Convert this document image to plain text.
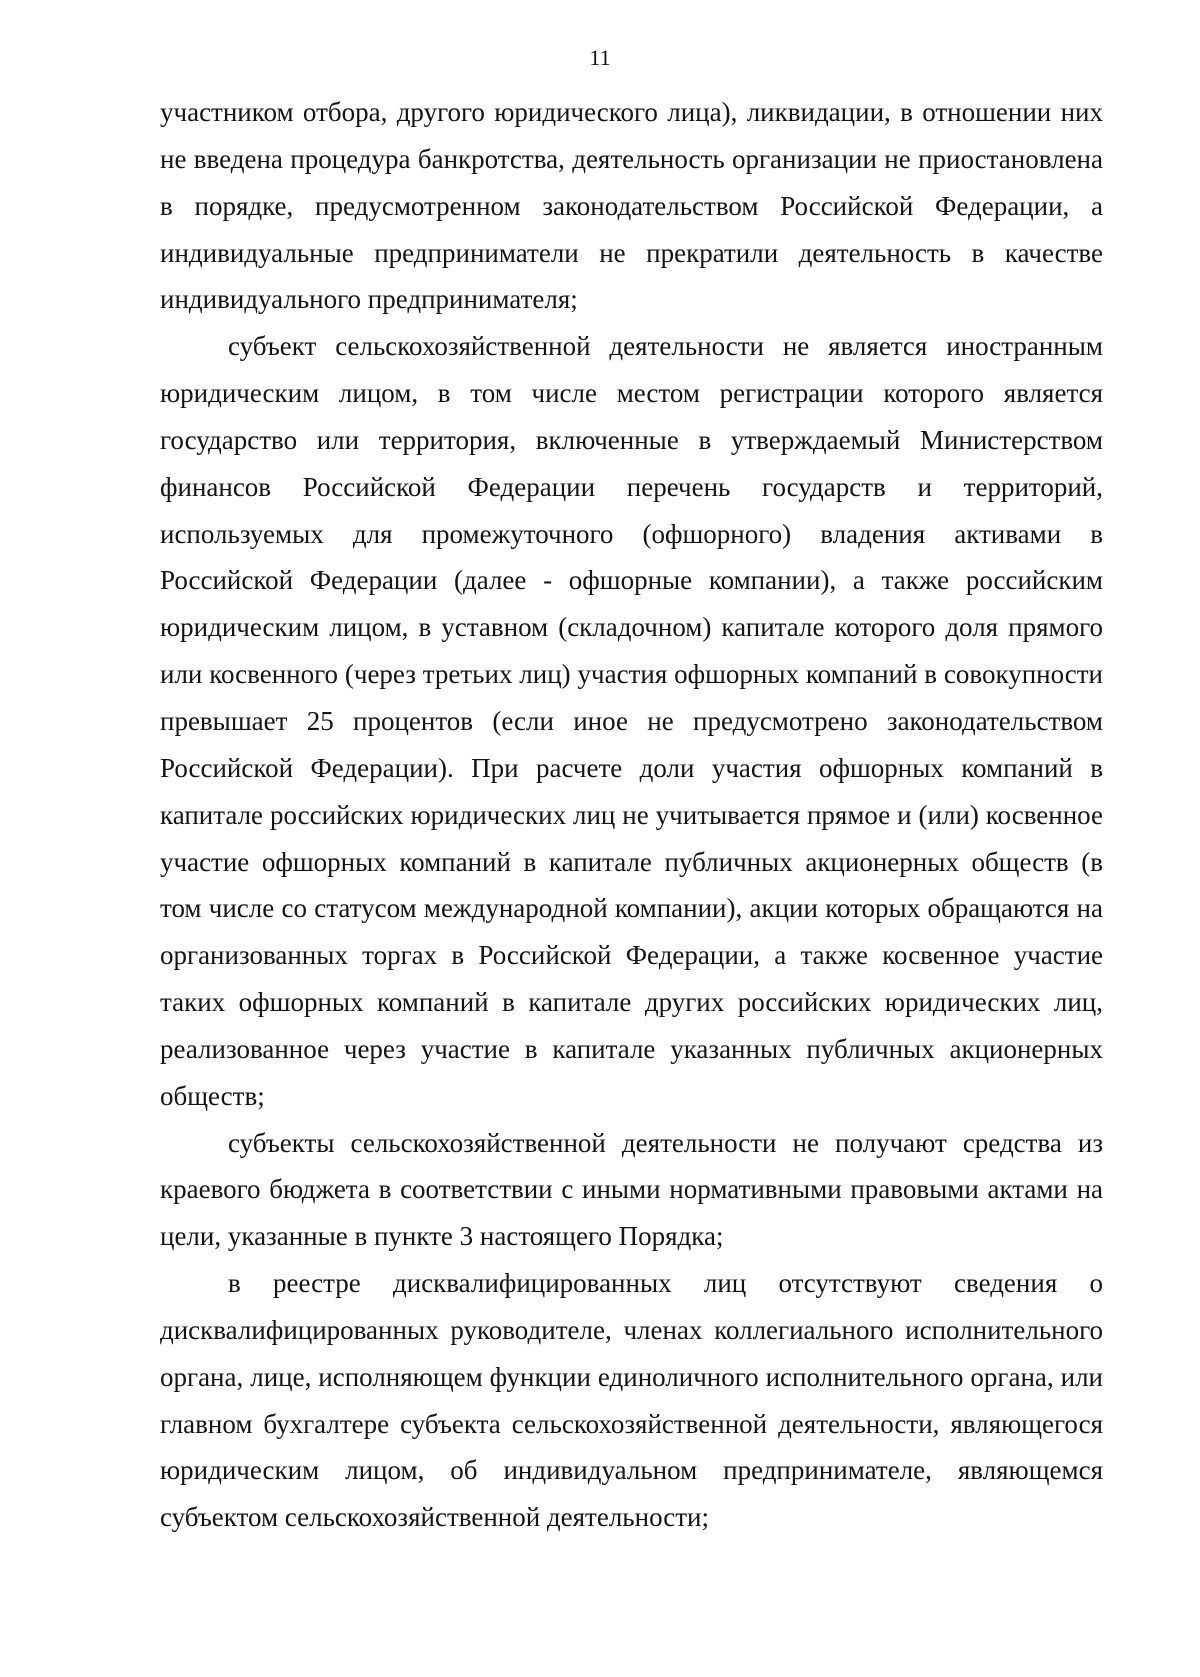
11

участником отбора, другого юридического лица), ликвидации, в отношении них не введена процедура банкротства, деятельность организации не приостановлена в порядке, предусмотренном законодательством Российской Федерации, а индивидуальные предприниматели не прекратили деятельность в качестве индивидуального предпринимателя;

субъект сельскохозяйственной деятельности не является иностранным юридическим лицом, в том числе местом регистрации которого является государство или территория, включенные в утверждаемый Министерством финансов Российской Федерации перечень государств и территорий, используемых для промежуточного (офшорного) владения активами в Российской Федерации (далее - офшорные компании), а также российским юридическим лицом, в уставном (складочном) капитале которого доля прямого или косвенного (через третьих лиц) участия офшорных компаний в совокупности превышает 25 процентов (если иное не предусмотрено законодательством Российской Федерации). При расчете доли участия офшорных компаний в капитале российских юридических лиц не учитывается прямое и (или) косвенное участие офшорных компаний в капитале публичных акционерных обществ (в том числе со статусом международной компании), акции которых обращаются на организованных торгах в Российской Федерации, а также косвенное участие таких офшорных компаний в капитале других российских юридических лиц, реализованное через участие в капитале указанных публичных акционерных обществ;

субъекты сельскохозяйственной деятельности не получают средства из краевого бюджета в соответствии с иными нормативными правовыми актами на цели, указанные в пункте 3 настоящего Порядка;

в реестре дисквалифицированных лиц отсутствуют сведения о дисквалифицированных руководителе, членах коллегиального исполнительного органа, лице, исполняющем функции единоличного исполнительного органа, или главном бухгалтере субъекта сельскохозяйственной деятельности, являющегося юридическим лицом, об индивидуальном предпринимателе, являющемся субъектом сельскохозяйственной деятельности;
